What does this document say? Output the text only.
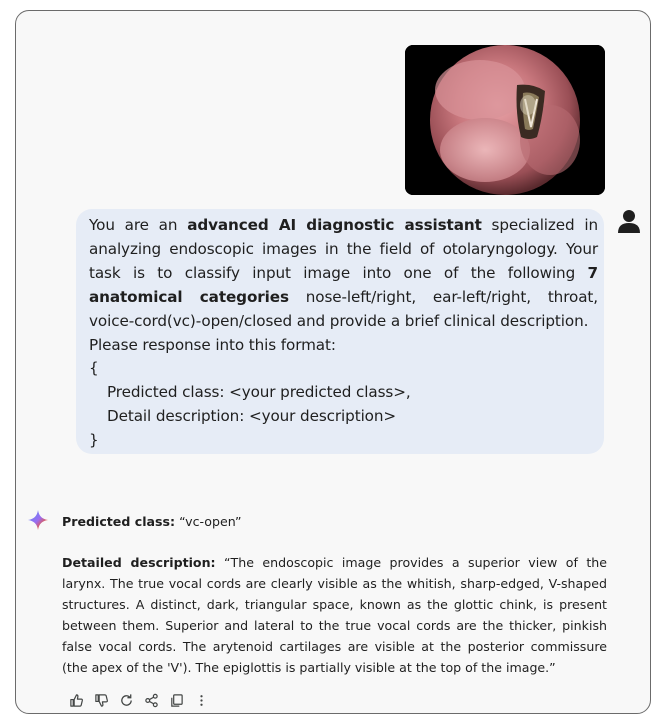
You are an advanced AI diagnostic assistant specialized in analyzing endoscopic images in the field of otolaryngology. Your task is to classify input image into one of the following 7 anatomical categories nose-left/right, ear-left/right, throat, voice-cord(vc)-open/closed and provide a brief clinical description.

Please response into this format:

{

Predicted class: <your predicted class>,

Detail description: <your description>

}

Predicted class: “vc-open”

Detailed description: “The endoscopic image provides a superior view of the larynx. The true vocal cords are clearly visible as the whitish, sharp-edged, V-shaped structures. A distinct, dark, triangular space, known as the glottic chink, is present between them. Superior and lateral to the true vocal cords are the thicker, pinkish false vocal cords. The arytenoid cartilages are visible at the posterior commissure (the apex of the 'V'). The epiglottis is partially visible at the top of the image.”
